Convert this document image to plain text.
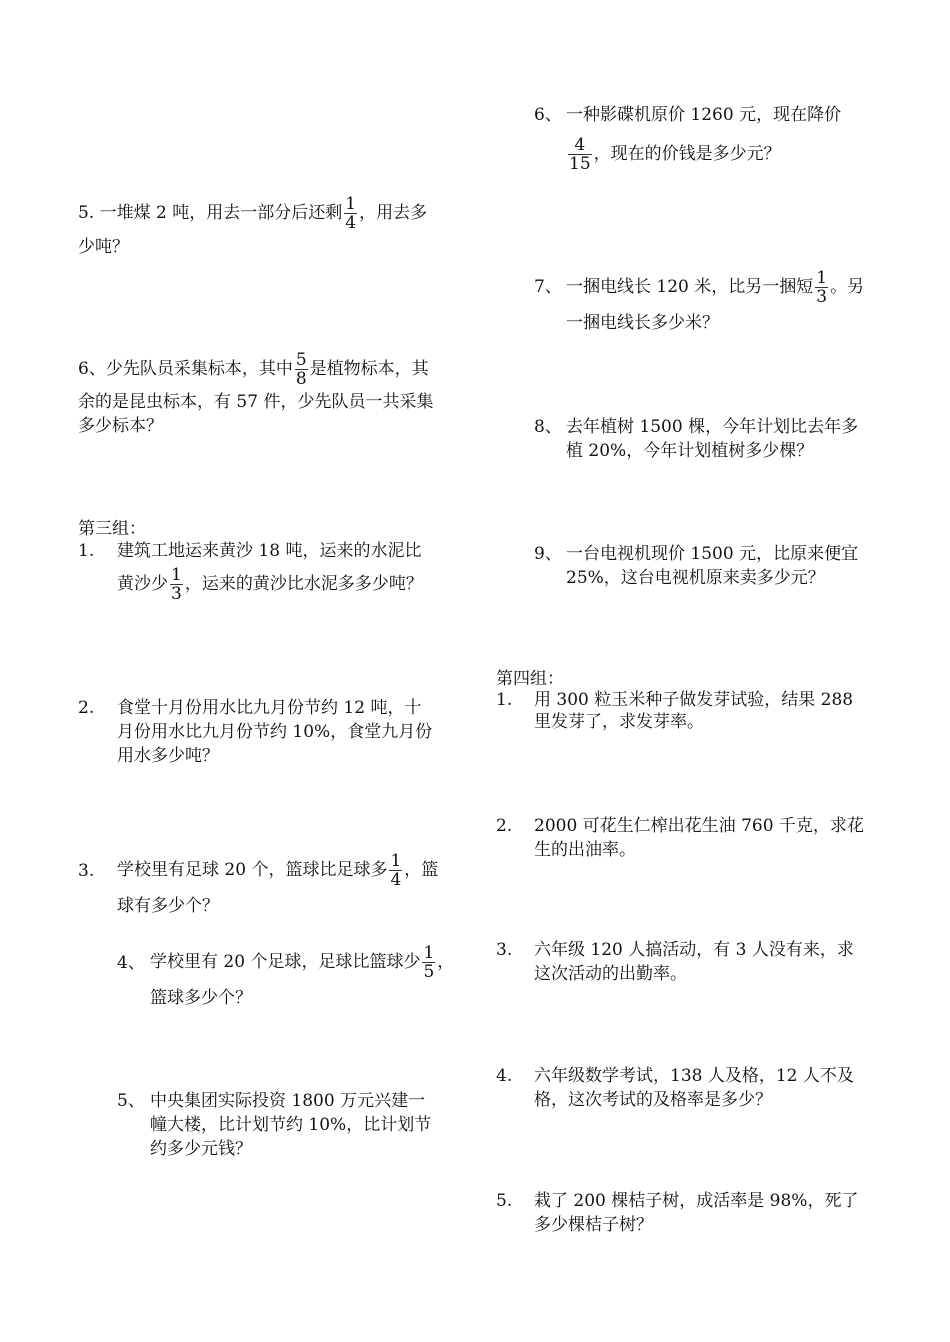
5. 一堆煤 2 吨，用去一部分后还剩 $\frac{1}{4}$ ，用去多
少吨？
6、少先队员采集标本，其中 $\frac{5}{8}$ 是植物标本，其
余的是昆虫标本，有 57 件，少先队员一共采集
多少标本？
第三组：
1. 建筑工地运来黄沙 18 吨，运来的水泥比
黄沙少 $\frac{1}{3}$ ，运来的黄沙比水泥多多少吨？
2. 食堂十月份用水比九月份节约 12 吨，十
月份用水比九月份节约 10%，食堂九月份
用水多少吨？
3. 学校里有足球 20 个，篮球比足球多 $\frac{1}{4}$ ，篮
球有多少个？
4、 学校里有 20 个足球，足球比篮球少 $\frac{1}{5}$ ，
篮球多少个？
5、 中央集团实际投资 1800 万元兴建一
幢大楼，比计划节约 10%，比计划节
约多少元钱？
6、 一种影碟机原价 1260 元，现在降价
$\frac{4}{15}$ ，现在的价钱是多少元？
7、 一捆电线长 120 米，比另一捆短 $\frac{1}{3}$ 。另
一捆电线长多少米？
8、 去年植树 1500 棵，今年计划比去年多
植 20%，今年计划植树多少棵？
9、 一台电视机现价 1500 元，比原来便宜
25%，这台电视机原来卖多少元？
第四组：
1. 用 300 粒玉米种子做发芽试验，结果 288
里发芽了，求发芽率。
2. 2000 可花生仁榨出花生油 760 千克，求花
生的出油率。
3. 六年级 120 人搞活动，有 3 人没有来，求
这次活动的出勤率。
4. 六年级数学考试，138 人及格，12 人不及
格，这次考试的及格率是多少？
5. 栽了 200 棵桔子树，成活率是 98%，死了
多少棵桔子树？
